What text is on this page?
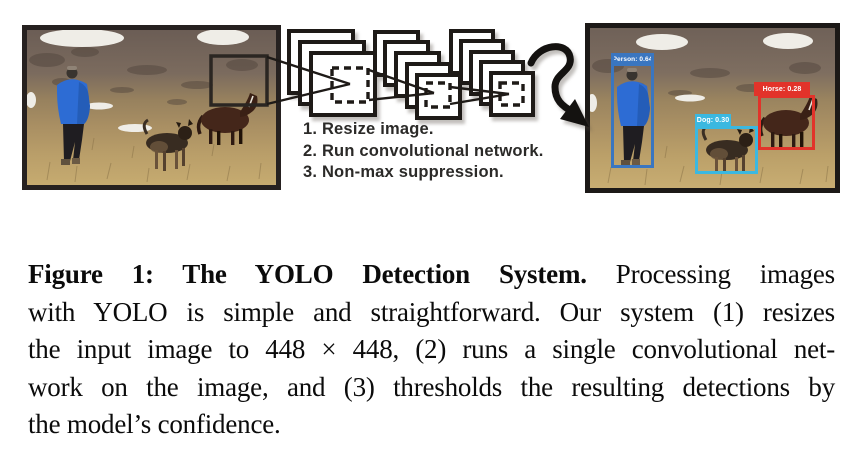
Person: 0.64
Dog: 0.30
Horse: 0.28
1. Resize image.
2. Run convolutional network.
3. Non-max suppression.
Figure 1: The YOLO Detection System. Processing images
with YOLO is simple and straightforward. Our system (1) resizes
the input image to 448 × 448, (2) runs a single convolutional net-
work on the image, and (3) thresholds the resulting detections by
the model’s confidence.
